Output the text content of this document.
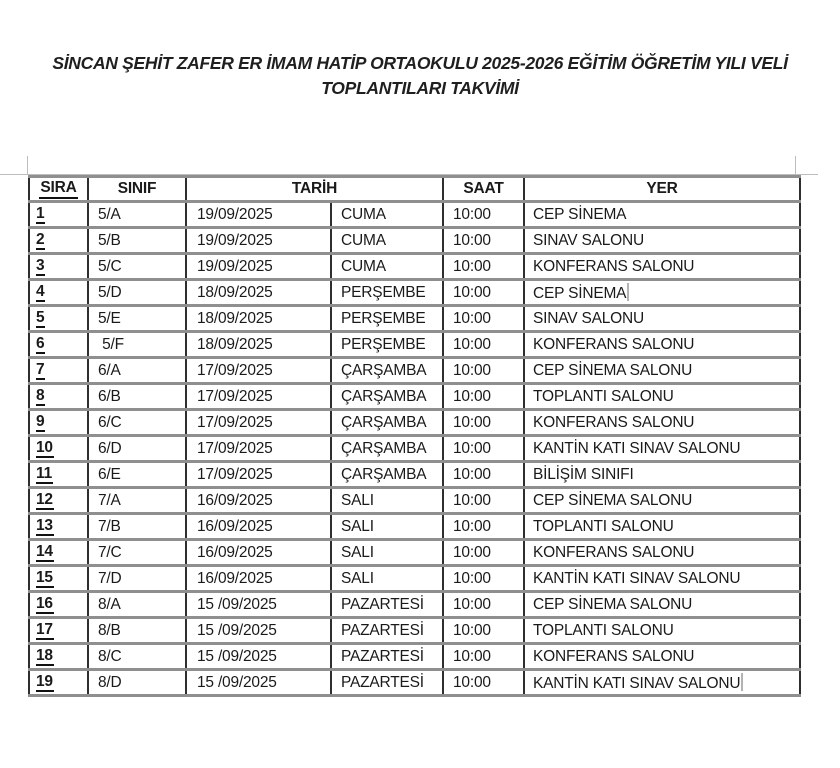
SİNCAN ŞEHİT ZAFER ER İMAM HATİP ORTAOKULU 2025-2026 EĞİTİM ÖĞRETİM YILI VELİ
TOPLANTILARI TAKVİMİ
SIRA	SINIF	TARİH		SAAT	YER
1	5/A	19/09/2025	CUMA	10:00	CEP SİNEMA
2	5/B	19/09/2025	CUMA	10:00	SINAV SALONU
3	5/C	19/09/2025	CUMA	10:00	KONFERANS SALONU
4	5/D	18/09/2025	PERŞEMBE	10:00	CEP SİNEMA
5	5/E	18/09/2025	PERŞEMBE	10:00	SINAV SALONU
6	5/F	18/09/2025	PERŞEMBE	10:00	KONFERANS SALONU
7	6/A	17/09/2025	ÇARŞAMBA	10:00	CEP SİNEMA SALONU
8	6/B	17/09/2025	ÇARŞAMBA	10:00	TOPLANTI SALONU
9	6/C	17/09/2025	ÇARŞAMBA	10:00	KONFERANS SALONU
10	6/D	17/09/2025	ÇARŞAMBA	10:00	KANTİN KATI SINAV SALONU
11	6/E	17/09/2025	ÇARŞAMBA	10:00	BİLİŞİM SINIFI
12	7/A	16/09/2025	SALI	10:00	CEP SİNEMA SALONU
13	7/B	16/09/2025	SALI	10:00	TOPLANTI SALONU
14	7/C	16/09/2025	SALI	10:00	KONFERANS SALONU
15	7/D	16/09/2025	SALI	10:00	KANTİN KATI SINAV SALONU
16	8/A	15 /09/2025	PAZARTESİ	10:00	CEP SİNEMA SALONU
17	8/B	15 /09/2025	PAZARTESİ	10:00	TOPLANTI SALONU
18	8/C	15 /09/2025	PAZARTESİ	10:00	KONFERANS SALONU
19	8/D	15 /09/2025	PAZARTESİ	10:00	KANTİN KATI SINAV SALONU
